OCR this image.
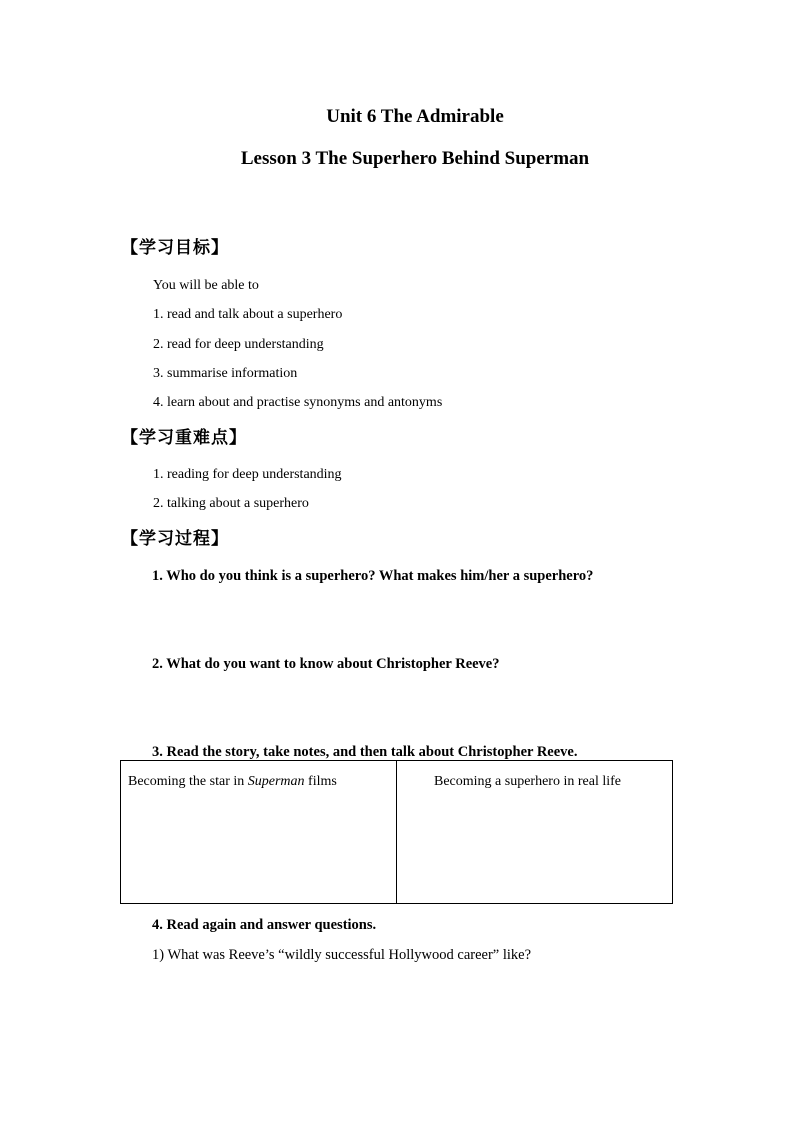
Unit 6 The Admirable
Lesson 3 The Superhero Behind Superman
【学习目标】
You will be able to
1. read and talk about a superhero
2. read for deep understanding
3. summarise information
4. learn about and practise synonyms and antonyms
【学习重难点】
1. reading for deep understanding
2. talking about a superhero
【学习过程】
1. Who do you think is a superhero? What makes him/her a superhero?
2. What do you want to know about Christopher Reeve?
3. Read the story, take notes, and then talk about Christopher Reeve.
Becoming the star in Superman films	Becoming a superhero in real life
4. Read again and answer questions.
1) What was Reeve’s “wildly successful Hollywood career” like?
